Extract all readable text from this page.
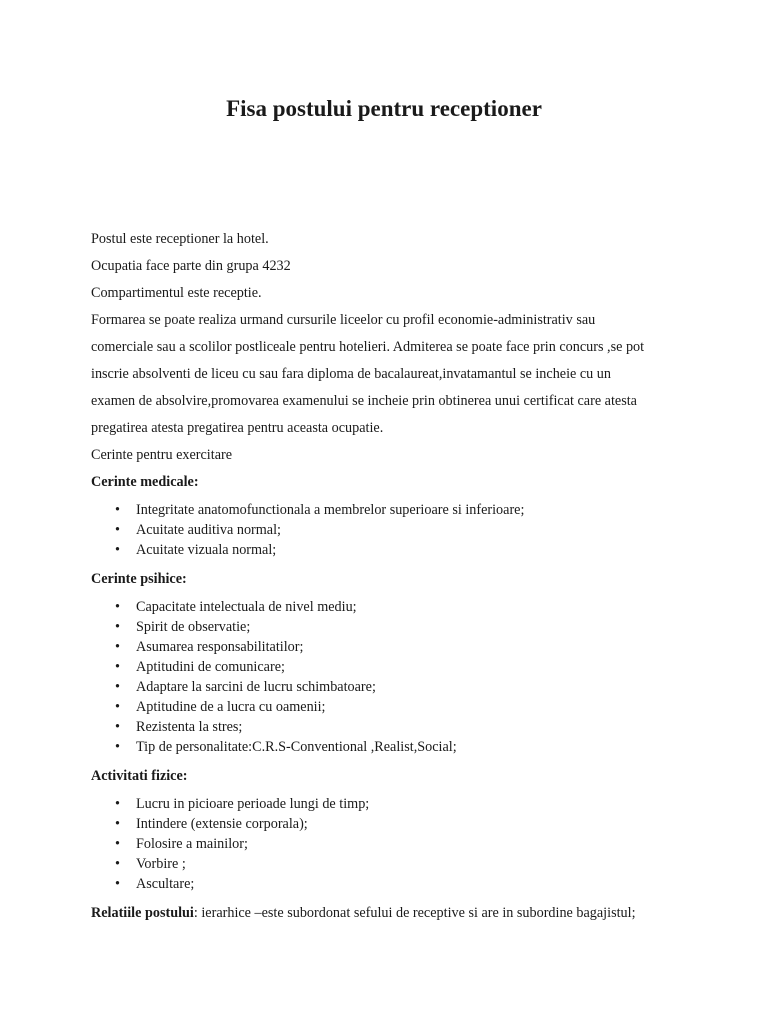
Fisa postului pentru receptioner

Postul este receptioner la hotel.

Ocupatia face parte din grupa 4232

Compartimentul este receptie.

Formarea se poate realiza urmand cursurile liceelor cu profil economie-administrativ sau

comerciale sau a scolilor postliceale pentru hotelieri. Admiterea se poate face prin concurs ,se pot

inscrie absolventi de liceu cu sau fara diploma de bacalaureat,invatamantul se incheie cu un

examen de absolvire,promovarea examenului se incheie prin obtinerea unui certificat care atesta

pregatirea atesta pregatirea pentru aceasta ocupatie.

Cerinte pentru exercitare

Cerinte medicale:

• Integritate anatomofunctionala a membrelor superioare si inferioare;
• Acuitate auditiva normal;
• Acuitate vizuala normal;

Cerinte psihice:

• Capacitate intelectuala de nivel mediu;
• Spirit de observatie;
• Asumarea responsabilitatilor;
• Aptitudini de comunicare;
• Adaptare la sarcini de lucru schimbatoare;
• Aptitudine de a lucra cu oamenii;
• Rezistenta la stres;
• Tip de personalitate:C.R.S-Conventional ,Realist,Social;

Activitati fizice:

• Lucru in picioare perioade lungi de timp;
• Intindere (extensie corporala);
• Folosire a mainilor;
• Vorbire ;
• Ascultare;

Relatiile postului: ierarhice –este subordonat sefului de receptive si are in subordine bagajistul;
